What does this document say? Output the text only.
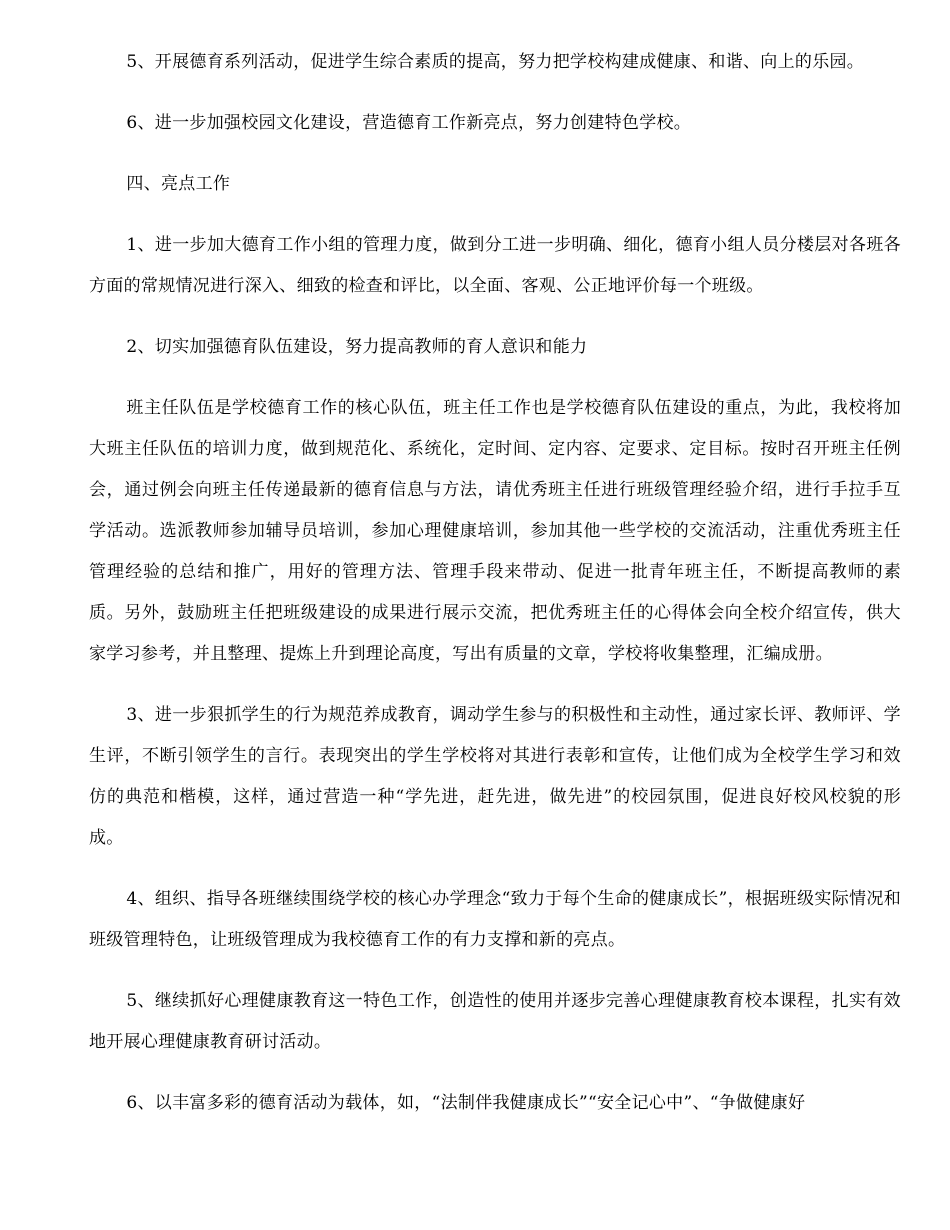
5、开展德育系列活动，促进学生综合素质的提高，努力把学校构建成健康、和谐、向上的乐园。

6、进一步加强校园文化建设，营造德育工作新亮点，努力创建特色学校。

四、亮点工作

1、进一步加大德育工作小组的管理力度，做到分工进一步明确、细化，德育小组人员分楼层对各班各方面的常规情况进行深入、细致的检查和评比，以全面、客观、公正地评价每一个班级。

2、切实加强德育队伍建设，努力提高教师的育人意识和能力

班主任队伍是学校德育工作的核心队伍，班主任工作也是学校德育队伍建设的重点，为此，我校将加大班主任队伍的培训力度，做到规范化、系统化，定时间、定内容、定要求、定目标。按时召开班主任例会，通过例会向班主任传递最新的德育信息与方法，请优秀班主任进行班级管理经验介绍，进行手拉手互学活动。选派教师参加辅导员培训，参加心理健康培训，参加其他一些学校的交流活动，注重优秀班主任管理经验的总结和推广，用好的管理方法、管理手段来带动、促进一批青年班主任，不断提高教师的素质。另外，鼓励班主任把班级建设的成果进行展示交流，把优秀班主任的心得体会向全校介绍宣传，供大家学习参考，并且整理、提炼上升到理论高度，写出有质量的文章，学校将收集整理，汇编成册。

3、进一步狠抓学生的行为规范养成教育，调动学生参与的积极性和主动性，通过家长评、教师评、学生评，不断引领学生的言行。表现突出的学生学校将对其进行表彰和宣传，让他们成为全校学生学习和效仿的典范和楷模，这样，通过营造一种“学先进，赶先进，做先进”的校园氛围，促进良好校风校貌的形成。

4、组织、指导各班继续围绕学校的核心办学理念“致力于每个生命的健康成长”，根据班级实际情况和班级管理特色，让班级管理成为我校德育工作的有力支撑和新的亮点。

5、继续抓好心理健康教育这一特色工作，创造性的使用并逐步完善心理健康教育校本课程，扎实有效地开展心理健康教育研讨活动。

6、以丰富多彩的德育活动为载体，如，“法制伴我健康成长”“安全记心中”、“争做健康好
